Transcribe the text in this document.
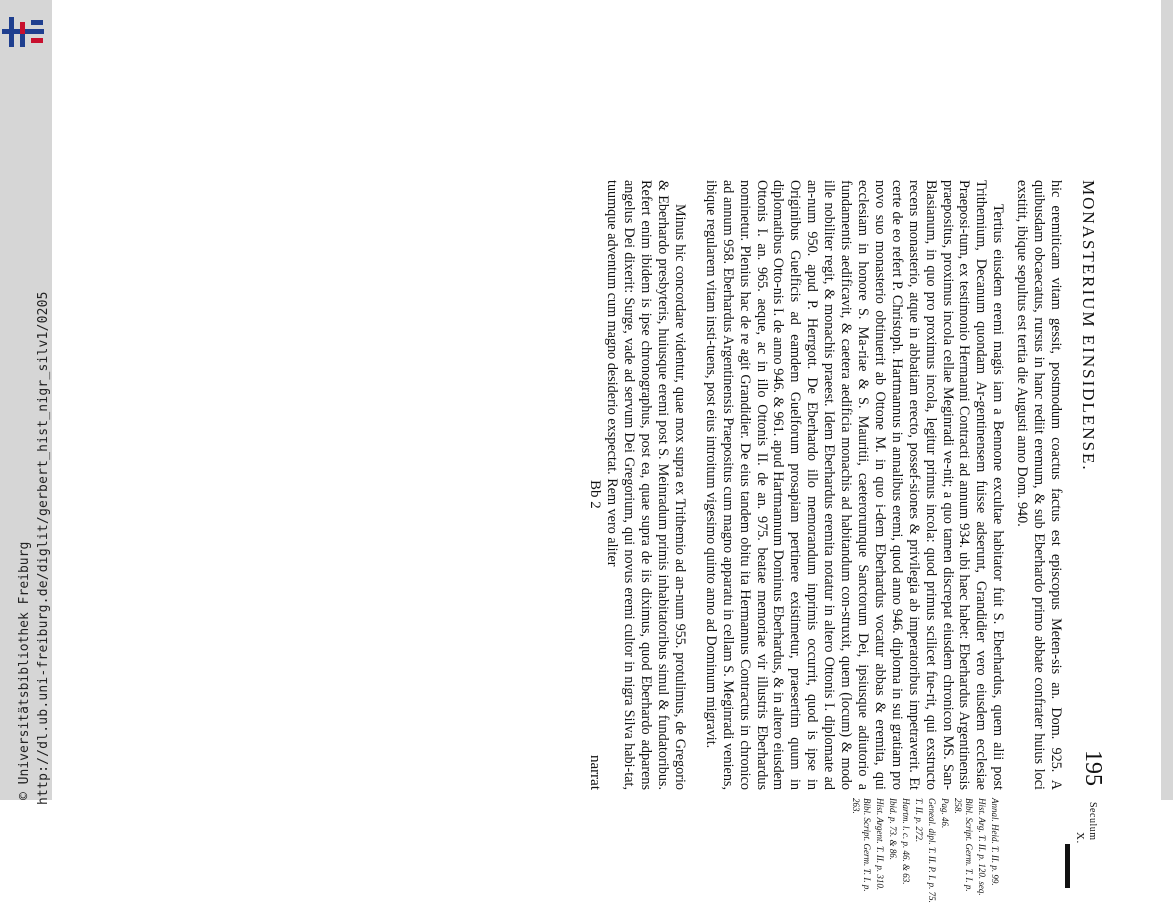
http://dl.ub.uni-freiburg.de/diglit/gerbert_hist_nigr_silv1/0205
© Universitätsbibliothek Freiburg
MONASTERIUM EINSIDLENSE.
195
Seculum
X.

hic eremiticam vitam gessit, postmodum coactus factus est episcopus Meten-sis an. Dom. 925. A quibusdam obcaecatus, rursus in hanc rediit eremum, & sub Eberhardo primo abbate confrater huius loci exstitit, ibique sepultus est tertia die Augusti anno Dom. 940.

Tertius eiusdem eremi magis iam a Bennone excultae habitator fuit S. Eberhardus, quem alii post Trithemium, Decanum quondam Ar-gentinensem fuisse adserunt, Grandidier vero eiusdem ecclesiae Praeposi-tum, ex testimonio Hermanni Contracti ad annum 934. ubi haec habet: Eberhardus Argentinensis praepositus, proximus incola cellae Meginradi ve-nit; a quo tamen discrepat eiusdem chronicon MS. San-Blasianum, in quo pro proximus incola, legitur primus incola: quod primus scilicet fue-rit, qui exstructo recens monasterio, atque in abbatiam erecto, possef-siones & privilegia ab imperatoribus impetraverit. Et certe de eo refert P. Christoph. Hartmannus in annalibus eremi, quod anno 946. diploma in sui gratiam pro novo suo monasterio obtinuerit ab Ottone M. in quo i-dem Eberhardus vocatur abbas & eremita, qui ecclesiam in honore S. Ma-riae & S. Mauritii, caeterorumque Sanctorum Dei, ipsiusque adiutorio a fundamentis aedificavit, & caetera aedificia monachis ad habitandum con-struxit, quem (locum) & modo ille nobiliter regit, & monachis praeest. Idem Eberhardus eremita notatur in altero Ottonis I. diplomate ad an-num 950. apud P. Herrgott. De Eberhardo illo memorandum inprimis occurrit, quod is ipse in Originibus Guelficis ad eamdem Guelforum prosapiam pertinere existimetur, praesertim quum in diplomatibus Otto-nis I. de anno 946. & 961. apud Hartmannum Dominus Eberhardus, & in altero eiusdem Ottonis I. an. 965. aeque, ac in illo Ottonis II. de an. 975. beatae memoriae vir illustris Eberhardus nominetur. Plenius hac de re agit Grandidier. De eius tandem obitu ita Hermannus Contractus in chronico ad annum 958. Eberhardus Argentinensis Praepositus cum magno apparatu in cellam S. Meginradi veniens, ibique regularem vitam insti-tuens, post eius introitum vigesimo quinto anno ad Dominum migravit.

Minus hic concordare videntur, quae mox supra ex Trithemio ad an-num 955. protulimus, de Gregorio & Eberhardo presbyteris, huiusque eremi post S. Meinradum primis inhabitatoribus simul & fundatoribus. Refert enim ibidem is ipse chronographus, post ea, quae supra de iis diximus, quod Eberhardo adparens angelus Dei dixerit: Surge, vade ad servum Dei Gregorium, qui novus eremi cultor in nigra Silva habi-tat, tuumque adventum cum magno desiderio exspectat. Rem vero aliter

Bb 2
narrat
Annal. Heid. T. II. p. 99.
Hist. Arg. T. II. p. 120. seq.
Bibl. Script. Germ. T. I. p. 258.
Pag. 46.
Geneal. dipl. T. II. P. I. p. 75.
T. II. p. 272.
Hartm. l. c. p. 46. & 63.
Ibid. p. 73. & 86.
Hist. Argent. T. II. p. 310.
Bibl. Script. Germ. T. I. p. 263.
